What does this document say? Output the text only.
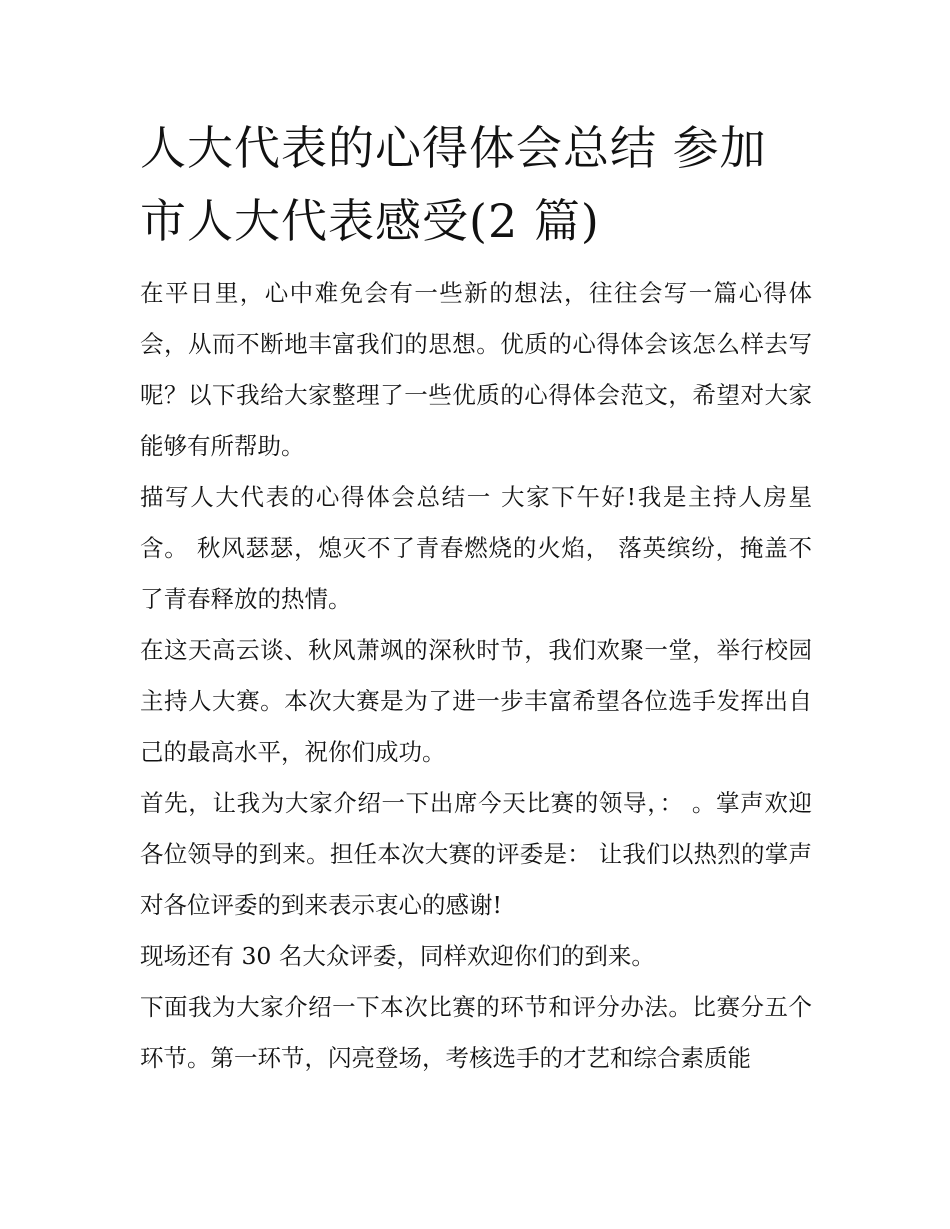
人大代表的心得体会总结 参加市人大代表感受(2 篇)

在平日里，心中难免会有一些新的想法，往往会写一篇心得体会，从而不断地丰富我们的思想。优质的心得体会该怎么样去写呢？以下我给大家整理了一些优质的心得体会范文，希望对大家能够有所帮助。

描写人大代表的心得体会总结一 大家下午好!我是主持人房星含。 秋风瑟瑟，熄灭不了青春燃烧的火焰， 落英缤纷，掩盖不了青春释放的热情。

在这天高云谈、秋风萧飒的深秋时节，我们欢聚一堂，举行校园主持人大赛。本次大赛是为了进一步丰富希望各位选手发挥出自己的最高水平，祝你们成功。

首先，让我为大家介绍一下出席今天比赛的领导，： 。掌声欢迎各位领导的到来。担任本次大赛的评委是： 让我们以热烈的掌声对各位评委的到来表示衷心的感谢!

现场还有 30 名大众评委，同样欢迎你们的到来。

下面我为大家介绍一下本次比赛的环节和评分办法。比赛分五个环节。第一环节，闪亮登场，考核选手的才艺和综合素质能
